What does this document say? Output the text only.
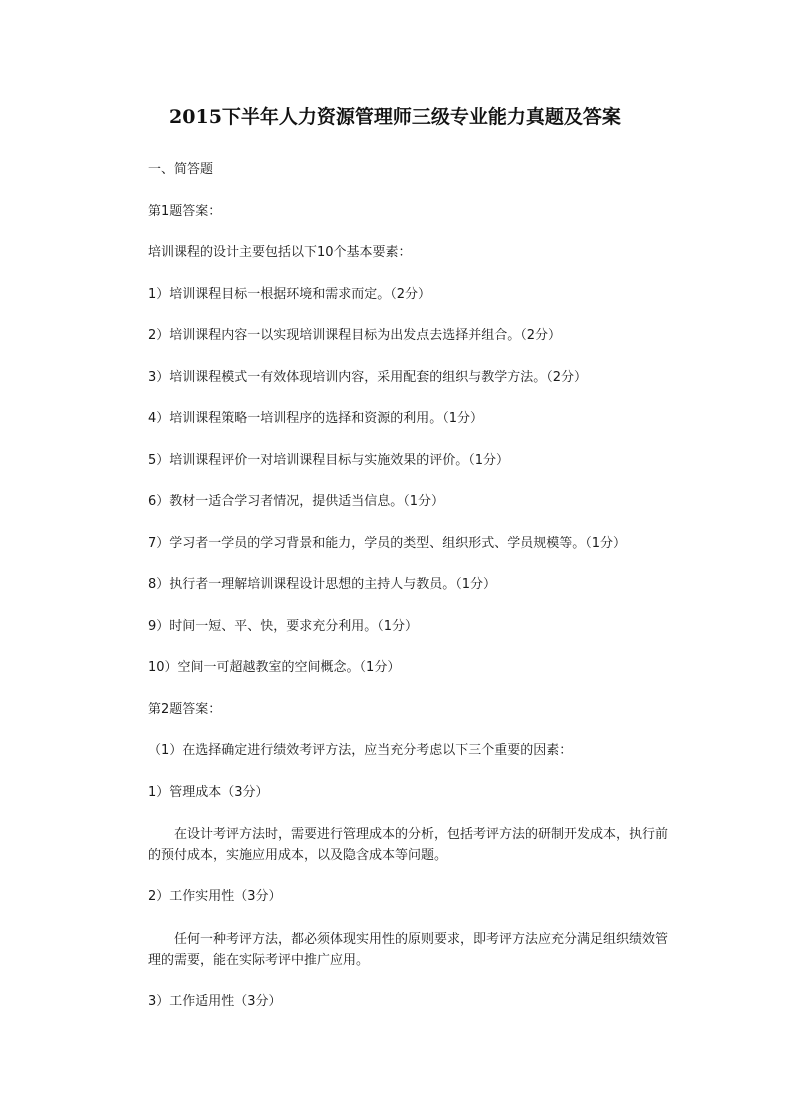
2015下半年人力资源管理师三级专业能力真题及答案

一、简答题

第1题答案：

培训课程的设计主要包括以下10个基本要素：

1）培训课程目标一根据环境和需求而定。（2分）

2）培训课程内容一以实现培训课程目标为出发点去选择并组合。（2分）

3）培训课程模式一有效体现培训内容，采用配套的组织与教学方法。（2分）

4）培训课程策略一培训程序的选择和资源的利用。（1分）

5）培训课程评价一对培训课程目标与实施效果的评价。（1分）

6）教材一适合学习者情况，提供适当信息。（1分）

7）学习者一学员的学习背景和能力，学员的类型、组织形式、学员规模等。（1分）

8）执行者一理解培训课程设计思想的主持人与教员。（1分）

9）时间一短、平、快，要求充分利用。（1分）

10）空间一可超越教室的空间概念。（1分）

第2题答案：

（1）在选择确定进行绩效考评方法，应当充分考虑以下三个重要的因素：

1）管理成本（3分）

　　在设计考评方法时，需要进行管理成本的分析，包括考评方法的研制开发成本，执行前的预付成本，实施应用成本，以及隐含成本等问题。

2）工作实用性（3分）

　　任何一种考评方法，都必须体现实用性的原则要求，即考评方法应充分满足组织绩效管理的需要，能在实际考评中推广应用。

3）工作适用性（3分）
